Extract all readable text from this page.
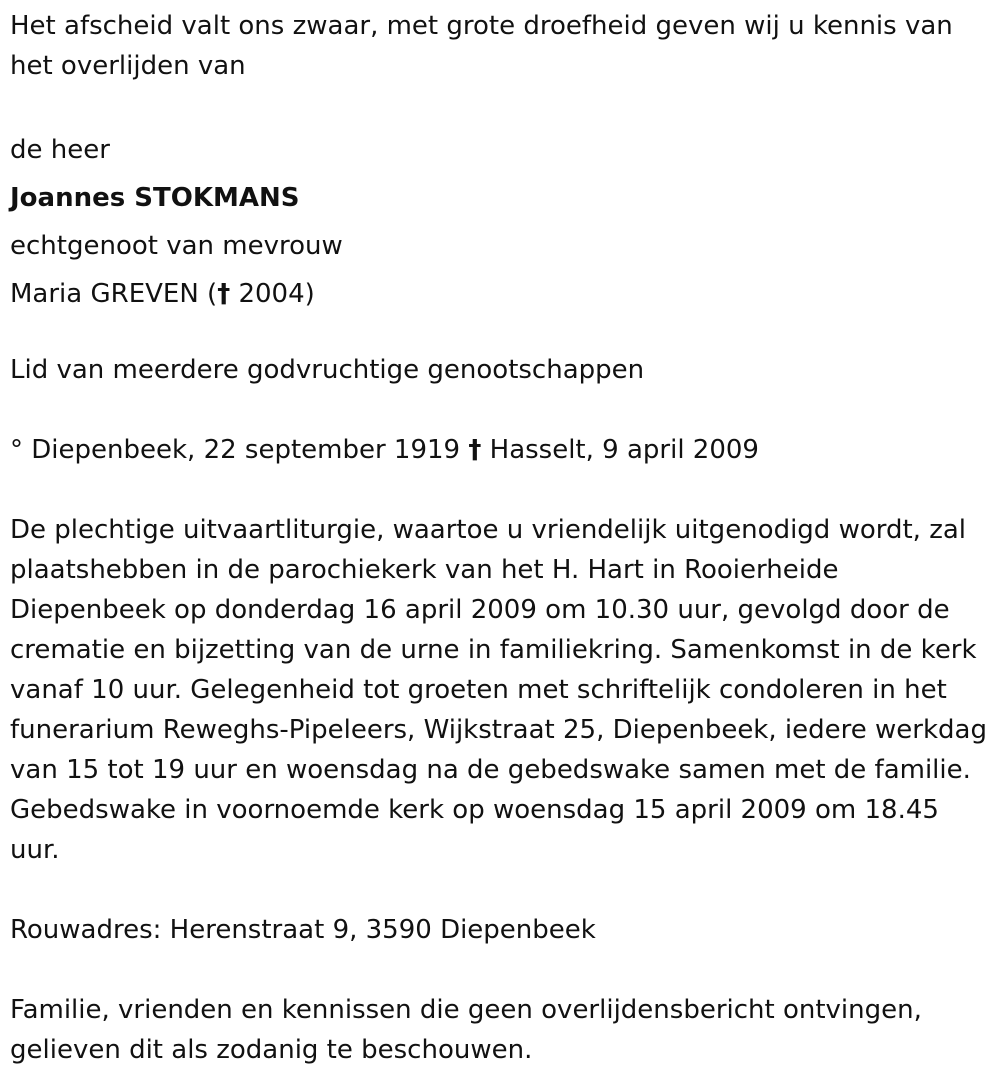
Het afscheid valt ons zwaar, met grote droefheid geven wij u kennis van het overlijden van

de heer

Joannes STOKMANS

echtgenoot van mevrouw

Maria GREVEN († 2004)

Lid van meerdere godvruchtige genootschappen

° Diepenbeek, 22 september 1919 † Hasselt, 9 april 2009

De plechtige uitvaartliturgie, waartoe u vriendelijk uitgenodigd wordt, zal plaatshebben in de parochiekerk van het H. Hart in Rooierheide Diepenbeek op donderdag 16 april 2009 om 10.30 uur, gevolgd door de crematie en bijzetting van de urne in familiekring. Samenkomst in de kerk vanaf 10 uur. Gelegenheid tot groeten met schriftelijk condoleren in het funerarium Reweghs-Pipeleers, Wijkstraat 25, Diepenbeek, iedere werkdag van 15 tot 19 uur en woensdag na de gebedswake samen met de familie. Gebedswake in voornoemde kerk op woensdag 15 april 2009 om 18.45 uur.

Rouwadres: Herenstraat 9, 3590 Diepenbeek

Familie, vrienden en kennissen die geen overlijdensbericht ontvingen, gelieven dit als zodanig te beschouwen.
